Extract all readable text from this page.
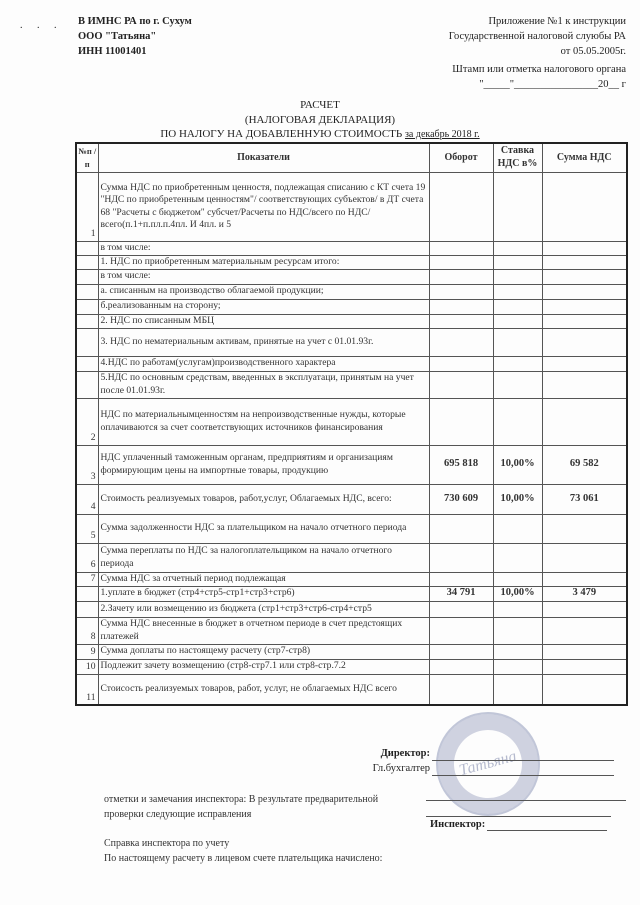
. . . В ИМНС РА по г. Сухум
ООО "Татьяна"
ИНН 11001401
Приложение №1 к инструкции
Государственной налоговой слуюбы РА
от 05.05.2005г.
Штамп или отметка налогового органа
"_____"________________20__ г
РАСЧЕТ
(НАЛОГОВАЯ ДЕКЛАРАЦИЯ)
ПО НАЛОГУ НА ДОБАВЛЕННУЮ СТОИМОСТЬ за декабрь 2018 г.
№п /п	Показатели	Оборот	Ставка НДС в%	Сумма НДС
1	Сумма НДС по приобретенным ценностя, подлежащая списанию с КТ счета 19 "НДС по приобретенным ценностям"/ соответствующих субъектов/ в ДТ счета 68 "Расчеты с бюджетом" субсчет/Расчеты по НДС/всего по НДС/всего(п.1+п.пл.п.4пл. И 4пл. и 5			
	в том числе:			
	1. НДС по приобретенным материальным ресурсам итого:			
	в том числе:			
	а. списанным на производство облагаемой продукции;			
	б.реализованным на сторону;			
	2. НДС по списанным МБЦ			
	3. НДС по нематериальным активам, принятые на учет с 01.01.93г.			
	4.НДС по работам(услугам)производственного характера			
	5.НДС по основным средствам, введенных в эксплуатаци, принятым на учет после 01.01.93г.			
2	НДС по материальнымценностям на непроизводственные нужды, которые оплачиваются за счет соответствующих источников финансирования			
3	НДС уплаченный таможенным органам, предприятиям и организациям формирующим цены на импортные товары, продукцию	695 818	10,00%	69 582
4	Стоимость реализуемых товаров, работ,услуг, Облагаемых НДС, всего:	730 609	10,00%	73 061
5	Сумма задолженности НДС за плательщиком на начало отчетного периода			
6	Сумма переплаты по НДС за налогоплательщиком на начало отчетного периода			
7	Сумма НДС за отчетный период подлежащая			
	1.уплате в бюджет (стр4+стр5-стр1+стр3+стр6)	34 791	10,00%	3 479
	2.Зачету или возмещению из бюджета (стр1+стр3+стр6-стр4+стр5			
8	Сумма НДС внесенные в бюджет в отчетном периоде в счет предстоящих платежей			
9	Сумма доплаты по настоящему расчету (стр7-стр8)			
10	Подлежит зачету возмещению (стр8-стр7.1 или стр8-стр.7.2			
11	Стоисость реализуемых товаров, работ, услуг, не облагаемых НДС всего			
Татьяна
Директор:
Гл.бухгалтер
Инспектор:
отметки и замечания инспектора: В результате предварительной
проверки следующие исправления
Справка инспектора по учету
По настоящему расчету в лицевом счете плательщика начислено:
